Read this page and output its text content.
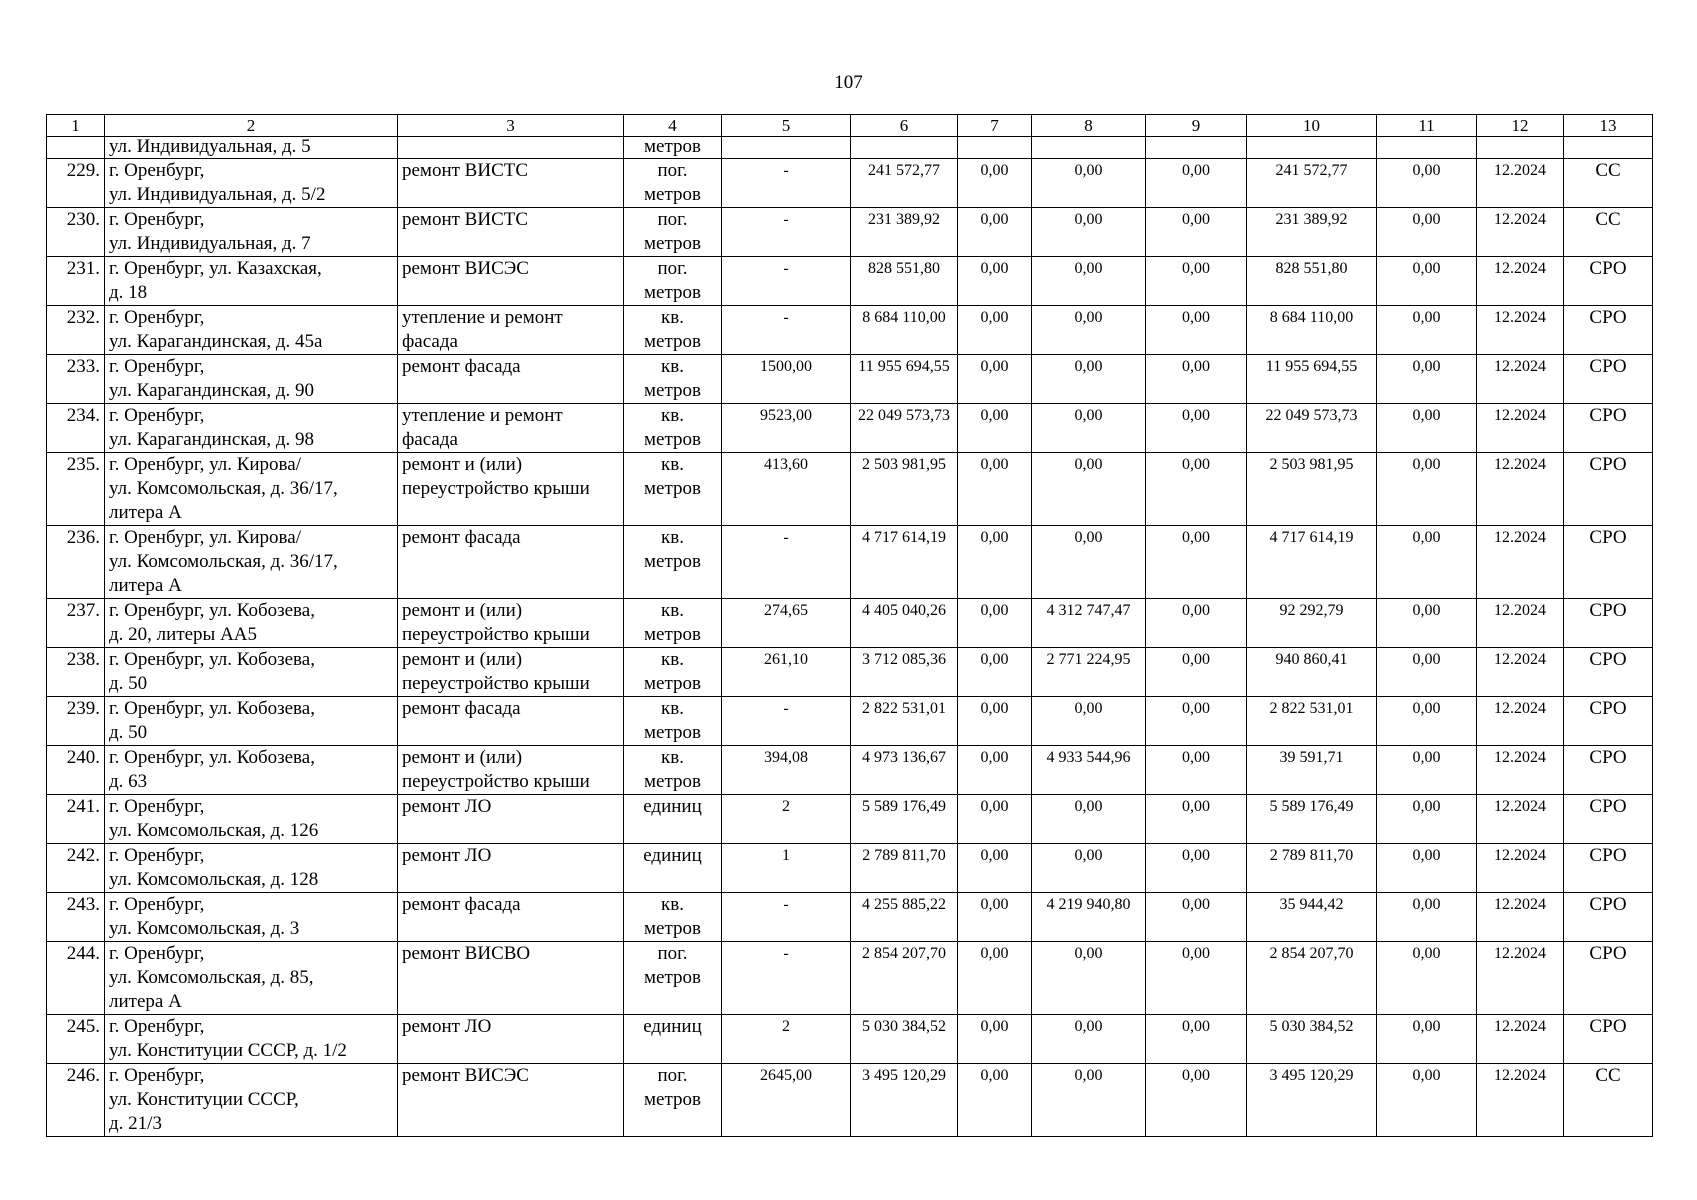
107
1	2	3	4	5	6	7	8	9	10	11	12	13
	ул. Индивидуальная, д. 5		метров									
229.	г. Оренбург,
ул. Индивидуальная, д. 5/2	ремонт ВИСТС	пог.
метров	-	241 572,77	0,00	0,00	0,00	241 572,77	0,00	12.2024	СС
230.	г. Оренбург,
ул. Индивидуальная, д. 7	ремонт ВИСТС	пог.
метров	-	231 389,92	0,00	0,00	0,00	231 389,92	0,00	12.2024	СС
231.	г. Оренбург, ул. Казахская,
д. 18	ремонт ВИСЭС	пог.
метров	-	828 551,80	0,00	0,00	0,00	828 551,80	0,00	12.2024	СРО
232.	г. Оренбург,
ул. Карагандинская, д. 45а	утепление и ремонт
фасада	кв.
метров	-	8 684 110,00	0,00	0,00	0,00	8 684 110,00	0,00	12.2024	СРО
233.	г. Оренбург,
ул. Карагандинская, д. 90	ремонт фасада	кв.
метров	1500,00	11 955 694,55	0,00	0,00	0,00	11 955 694,55	0,00	12.2024	СРО
234.	г. Оренбург,
ул. Карагандинская, д. 98	утепление и ремонт
фасада	кв.
метров	9523,00	22 049 573,73	0,00	0,00	0,00	22 049 573,73	0,00	12.2024	СРО
235.	г. Оренбург, ул. Кирова/
ул. Комсомольская, д. 36/17,
литера А	ремонт и (или)
переустройство крыши	кв.
метров	413,60	2 503 981,95	0,00	0,00	0,00	2 503 981,95	0,00	12.2024	СРО
236.	г. Оренбург, ул. Кирова/
ул. Комсомольская, д. 36/17,
литера А	ремонт фасада	кв.
метров	-	4 717 614,19	0,00	0,00	0,00	4 717 614,19	0,00	12.2024	СРО
237.	г. Оренбург, ул. Кобозева,
д. 20, литеры АА5	ремонт и (или)
переустройство крыши	кв.
метров	274,65	4 405 040,26	0,00	4 312 747,47	0,00	92 292,79	0,00	12.2024	СРО
238.	г. Оренбург, ул. Кобозева,
д. 50	ремонт и (или)
переустройство крыши	кв.
метров	261,10	3 712 085,36	0,00	2 771 224,95	0,00	940 860,41	0,00	12.2024	СРО
239.	г. Оренбург, ул. Кобозева,
д. 50	ремонт фасада	кв.
метров	-	2 822 531,01	0,00	0,00	0,00	2 822 531,01	0,00	12.2024	СРО
240.	г. Оренбург, ул. Кобозева,
д. 63	ремонт и (или)
переустройство крыши	кв.
метров	394,08	4 973 136,67	0,00	4 933 544,96	0,00	39 591,71	0,00	12.2024	СРО
241.	г. Оренбург,
ул. Комсомольская, д. 126	ремонт ЛО	единиц	2	5 589 176,49	0,00	0,00	0,00	5 589 176,49	0,00	12.2024	СРО
242.	г. Оренбург,
ул. Комсомольская, д. 128	ремонт ЛО	единиц	1	2 789 811,70	0,00	0,00	0,00	2 789 811,70	0,00	12.2024	СРО
243.	г. Оренбург,
ул. Комсомольская, д. 3	ремонт фасада	кв.
метров	-	4 255 885,22	0,00	4 219 940,80	0,00	35 944,42	0,00	12.2024	СРО
244.	г. Оренбург,
ул. Комсомольская, д. 85,
литера А	ремонт ВИСВО	пог.
метров	-	2 854 207,70	0,00	0,00	0,00	2 854 207,70	0,00	12.2024	СРО
245.	г. Оренбург,
ул. Конституции СССР, д. 1/2	ремонт ЛО	единиц	2	5 030 384,52	0,00	0,00	0,00	5 030 384,52	0,00	12.2024	СРО
246.	г. Оренбург,
ул. Конституции СССР,
д. 21/3	ремонт ВИСЭС	пог.
метров	2645,00	3 495 120,29	0,00	0,00	0,00	3 495 120,29	0,00	12.2024	СС
